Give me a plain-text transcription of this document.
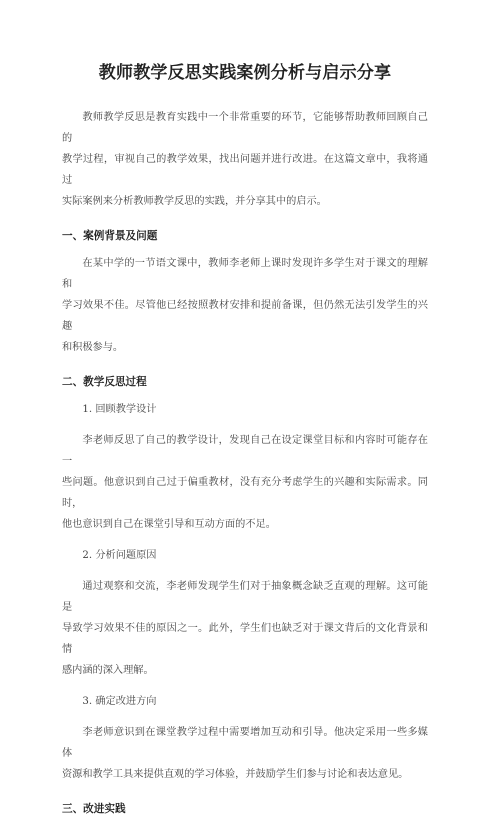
教师教学反思实践案例分析与启示分享

教师教学反思是教育实践中一个非常重要的环节，它能够帮助教师回顾自己的
教学过程，审视自己的教学效果，找出问题并进行改进。在这篇文章中，我将通过
实际案例来分析教师教学反思的实践，并分享其中的启示。

一、案例背景及问题

在某中学的一节语文课中，教师李老师上课时发现许多学生对于课文的理解和
学习效果不佳。尽管他已经按照教材安排和提前备课，但仍然无法引发学生的兴趣
和积极参与。

二、教学反思过程
1. 回顾教学设计

李老师反思了自己的教学设计，发现自己在设定课堂目标和内容时可能存在一
些问题。他意识到自己过于偏重教材，没有充分考虑学生的兴趣和实际需求。同时，
他也意识到自己在课堂引导和互动方面的不足。

2. 分析问题原因

通过观察和交流，李老师发现学生们对于抽象概念缺乏直观的理解。这可能是
导致学习效果不佳的原因之一。此外，学生们也缺乏对于课文背后的文化背景和情
感内涵的深入理解。

3. 确定改进方向

李老师意识到在课堂教学过程中需要增加互动和引导。他决定采用一些多媒体
资源和教学工具来提供直观的学习体验，并鼓励学生们参与讨论和表达意见。

三、改进实践
